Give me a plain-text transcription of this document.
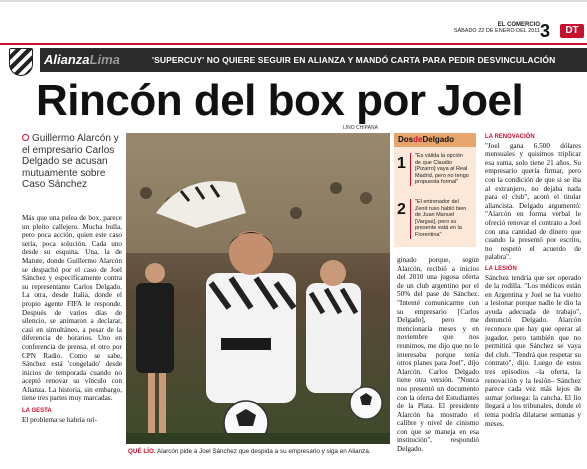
EL COMERCIO
SÁBADO 22 DE ENERO DEL 2011 3	DT
AlianzaLima	'SUPERCUY' NO QUIERE SEGUIR EN ALIANZA Y MANDÓ CARTA PARA PEDIR DESVINCULACIÓN
Rincón del box por Joel
LINO CHIPANA
Guillermo Alarcón y el empresario Carlos Delgado se acusan mutuamente sobre Caso Sánchez
Más que una pelea de box, parece un pleito callejero. Mucha bulla, pero poca acción, quien este caso sería, poca solución. Cada uno desde su esquina. Una, la de Matute, donde Guillermo Alarcón se despachó por el caso de Joel Sánchez y específicamente contra su representante Carlos Delgado. La otra, desde Italia, donde el propio agente FIFA le responde. Después de varios días de silencio, se animaron a declarar, casi en simultáneo, a pesar de la diferencia de horarios. Uno en conferencia de prensa, el otro por CPN Radio. Como se sabe, Sánchez está 'congelado' desde inicios de temporada cuando no aceptó renovar su vínculo con Alianza. La historia, sin embargo, tiene tres partes muy marcadas.
LA GESTA
El problema se habría ori-
QUÉ LÍO. Alarcón pide a Joel Sánchez que despida a su empresario y siga en Alianza.
DosdeDelgado
1	"Es válida la opción de que Claudio [Pizarro] vaya al Real Madrid, pero no tengo propuesta formal"
2	"El entrenador del Zenit ruso habló bien de Juan Manuel [Vargas], pero su presente está en la Fiorentina"
ginado porque, según Alarcón, recibió a inicios del 2010 una jugosa oferta de un club argentino por el 50% del pase de Sánchez. "Intenté comunicarme con su empresario [Carlos Delgado], pero me mencionaría meses y en noviembre que nos reunimos, me dijo que no le interesaba porque tenía otros planes para Joel", dijo Alarcón. Carlos Delgado tiene otra versión. "Nunca nos presentó un documento con la oferta del Estudiantes de la Plata. El presidente Alarcón ha mostrado el calibre y nivel de cinismo con que se maneja en esa institución", respondió Delgado.
LA RENOVACIÓN
"Joel gana 6.500 dólares mensuales y quisimos triplicar esa suma, solo tiene 21 años. Su empresario quería firmar, pero con la condición de que si se iba al extranjero, no dejaba nada para el club", acotó el titular aliancista. Delgado argumentó: "Alarcón en forma verbal le ofreció renovar el contrato a Joel con una cantidad de dinero que cuando la presentó por escrito, no respetó el acuerdo de palabra".
LA LESIÓN
Sánchez tendría que ser operado de la rodilla. "Los médicos están en Argentina y Joel se ha vuelto a lesionar porque nadie le dio la ayuda adecuada de trabajo", denunció Delgado. Alarcón reconoce que hay que operar al jugador, pero también que no permitirá que Sánchez se vaya del club. "Tendrá que respetar su contrato", dijo. Luego de estos tres episodios –la oferta, la renovación y la lesión– Sánchez parece cada vez más lejos de sumar jorluega: la cancha. El lío llegará a los tribunales, donde el tema podría dilatarse semanas y meses.
